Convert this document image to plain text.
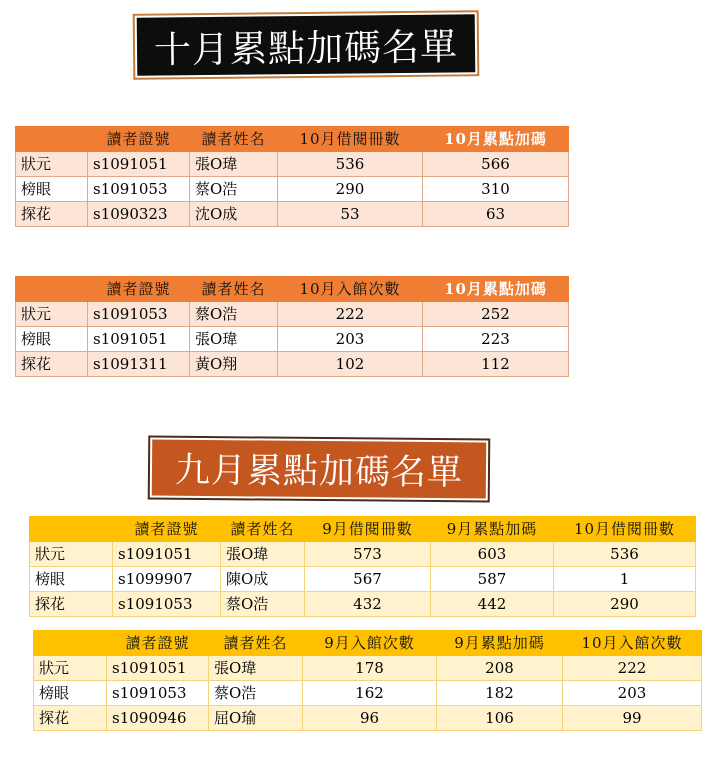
十月累點加碼名單
	讀者證號	讀者姓名	10月借閱冊數	10月累點加碼
狀元	s1091051	張O瑋	536	566
榜眼	s1091053	蔡O浩	290	310
探花	s1090323	沈O成	53	63
	讀者證號	讀者姓名	10月入館次數	10月累點加碼
狀元	s1091053	蔡O浩	222	252
榜眼	s1091051	張O瑋	203	223
探花	s1091311	黃O翔	102	112
九月累點加碼名單
	讀者證號	讀者姓名	9月借閱冊數	9月累點加碼	10月借閱冊數
狀元	s1091051	張O瑋	573	603	536
榜眼	s1099907	陳O成	567	587	1
探花	s1091053	蔡O浩	432	442	290
	讀者證號	讀者姓名	9月入館次數	9月累點加碼	10月入館次數
狀元	s1091051	張O瑋	178	208	222
榜眼	s1091053	蔡O浩	162	182	203
探花	s1090946	屈O瑜	96	106	99
